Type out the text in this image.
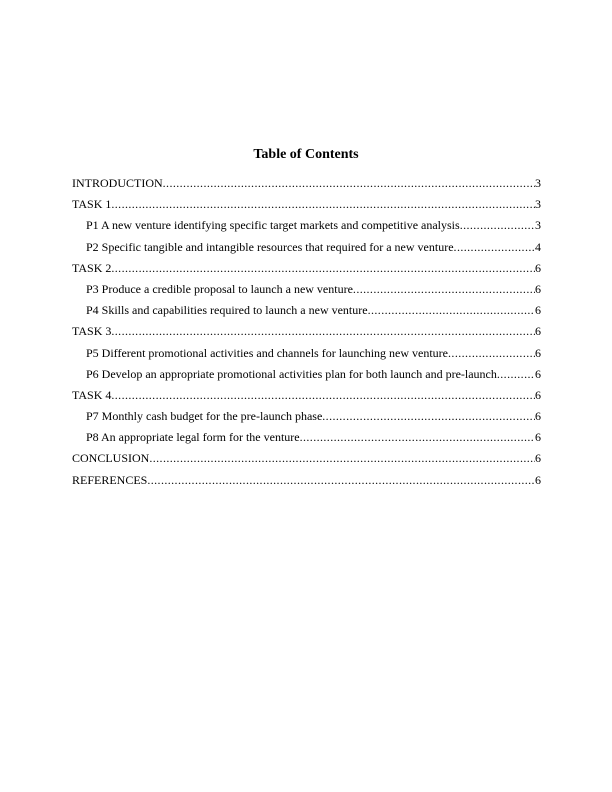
Table of Contents
INTRODUCTION .....	3
TASK 1 .....	3
P1 A new venture identifying specific target markets and competitive analysis .....	3
P2 Specific tangible and intangible resources that required for a new venture .....	4
TASK 2 .....	6
P3 Produce a credible proposal to launch a new venture .....	6
P4 Skills and capabilities required to launch a new venture .....	6
TASK 3 .....	6
P5 Different promotional activities and channels for launching new venture .....	6
P6 Develop an appropriate promotional activities plan for both launch and pre-launch .....	6
TASK 4 .....	6
P7 Monthly cash budget for the pre-launch phase .....	6
P8 An appropriate legal form for the venture .....	6
CONCLUSION .....	6
REFERENCES .....	6
